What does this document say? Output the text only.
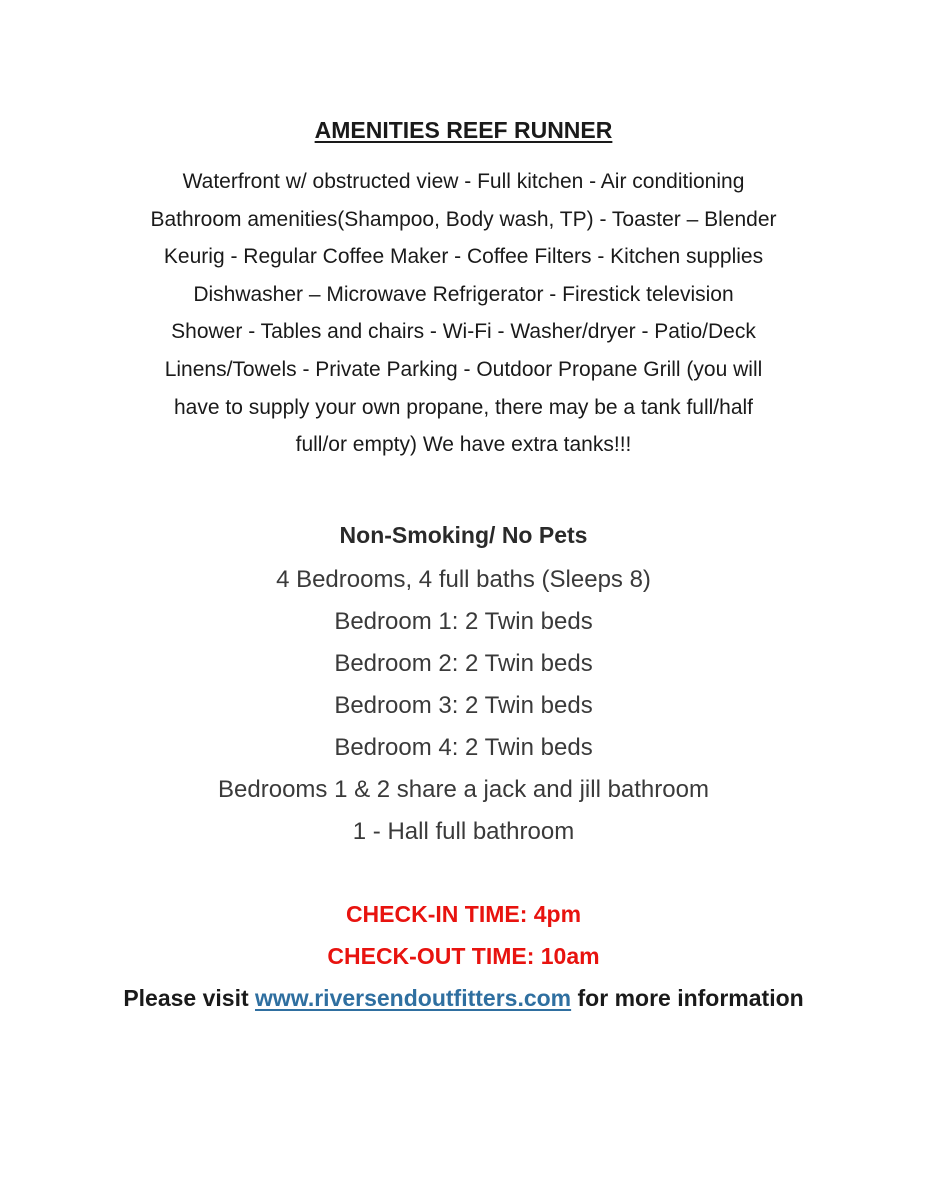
AMENITIES REEF RUNNER
Waterfront w/ obstructed view - Full kitchen - Air conditioning
Bathroom amenities(Shampoo, Body wash, TP) - Toaster – Blender
Keurig - Regular Coffee Maker - Coffee Filters - Kitchen supplies
Dishwasher – Microwave Refrigerator - Firestick television
Shower - Tables and chairs - Wi-Fi - Washer/dryer - Patio/Deck
Linens/Towels - Private Parking - Outdoor Propane Grill (you will
have to supply your own propane, there may be a tank full/half
full/or empty) We have extra tanks!!!
Non-Smoking/ No Pets
4 Bedrooms, 4 full baths (Sleeps 8)
Bedroom 1: 2 Twin beds
Bedroom 2: 2 Twin beds
Bedroom 3: 2 Twin beds
Bedroom 4: 2 Twin beds
Bedrooms 1 & 2 share a jack and jill bathroom
1 - Hall full bathroom
CHECK-IN TIME: 4pm
CHECK-OUT TIME: 10am
Please visit www.riversendoutfitters.com for more information
